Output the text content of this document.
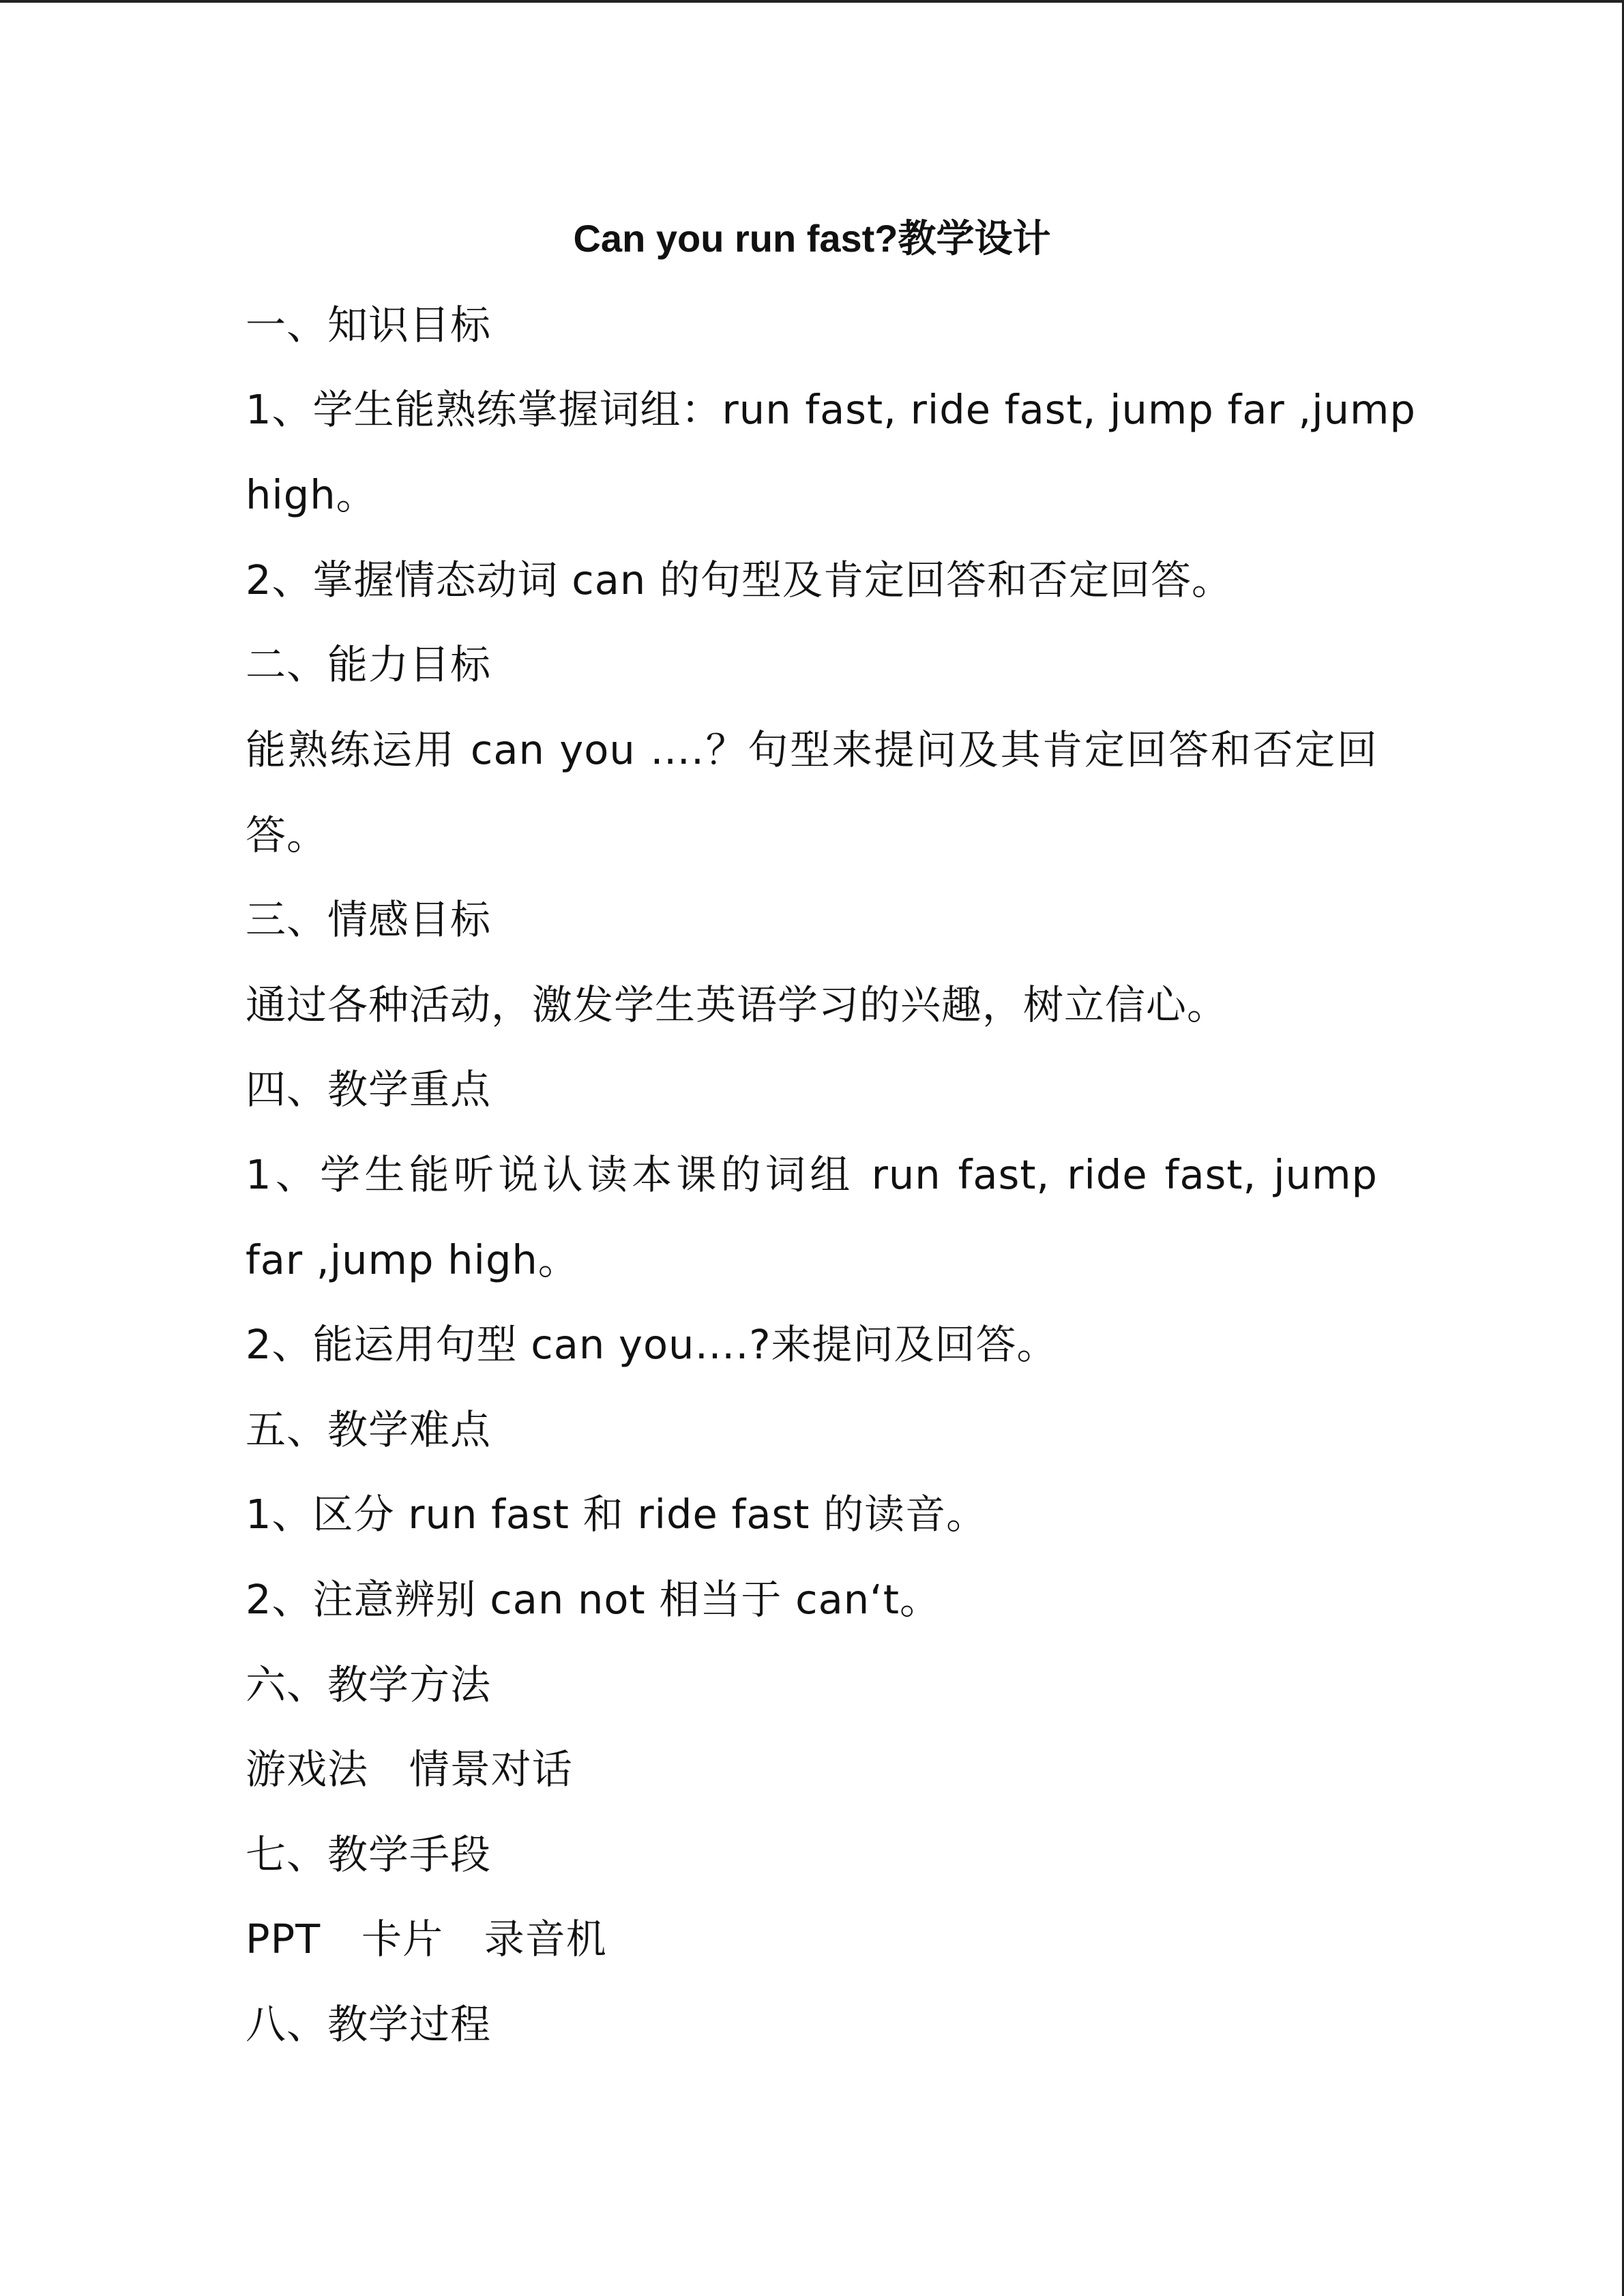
Can you run fast?教学设计
一、知识目标
1、学生能熟练掌握词组：run fast, ride fast, jump far ,jump
high。
2、掌握情态动词 can 的句型及肯定回答和否定回答。
二、能力目标
能熟练运用 can you ….？句型来提问及其肯定回答和否定回
答。
三、情感目标
通过各种活动，激发学生英语学习的兴趣，树立信心。
四、教学重点
1、学生能听说认读本课的词组 run fast, ride fast, jump
far ,jump high。
2、能运用句型 can you….?来提问及回答。
五、教学难点
1、区分 run fast 和 ride fast 的读音。
2、注意辨别 can not 相当于 can‘t。
六、教学方法
游戏法 情景对话
七、教学手段
PPT 卡片 录音机
八、教学过程
